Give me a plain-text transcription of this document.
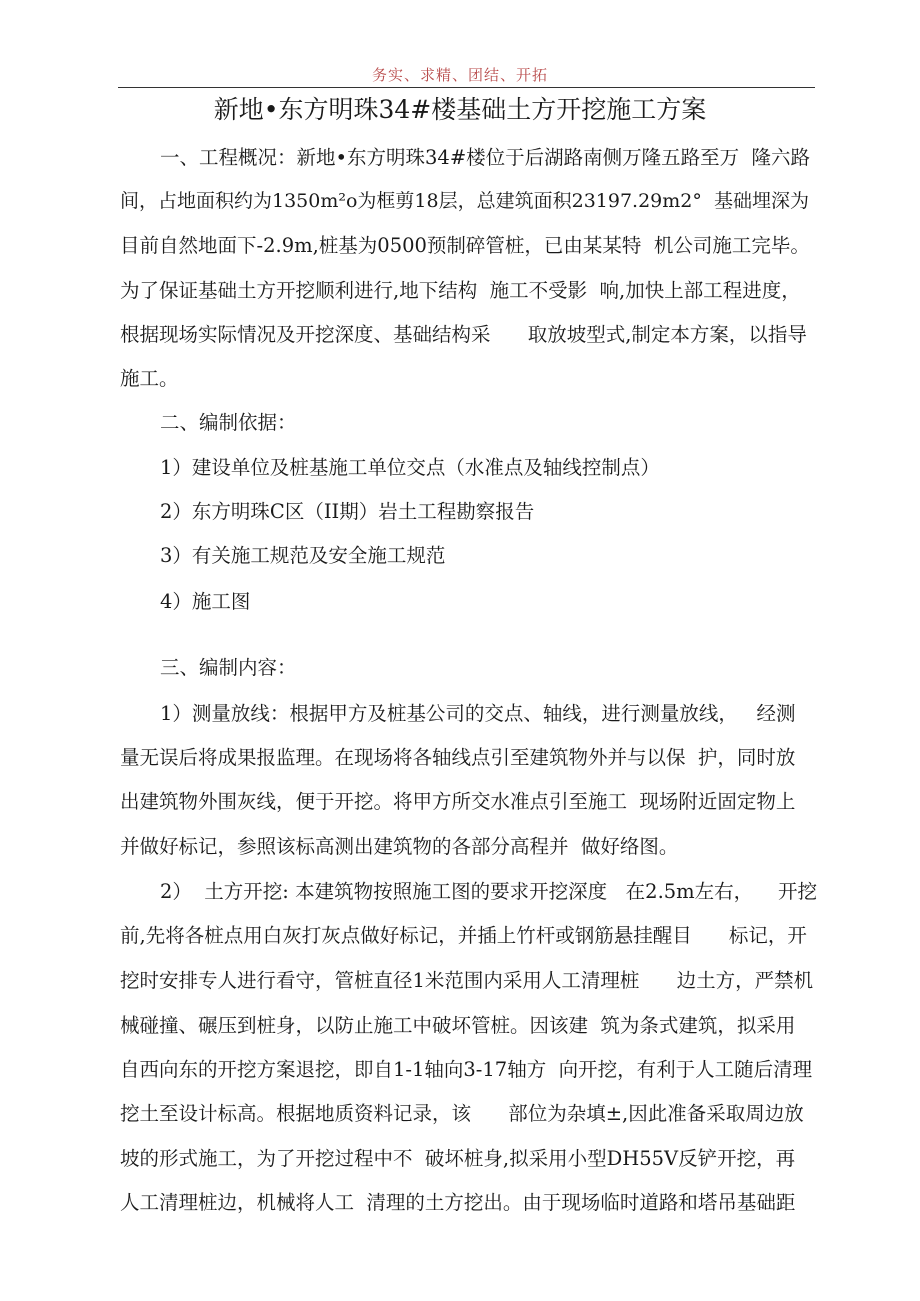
务实、求精、团结、开拓
新地•东方明珠34#楼基础土方开挖施工方案
一、工程概况：新地•东方明珠34#楼位于后湖路南侧万隆五路至万  隆六路
间，占地面积约为1350m²o为框剪18层，总建筑面积23197.29m2°  基础埋深为
目前自然地面下-2.9m,桩基为0500预制碎管桩，已由某某特  机公司施工完毕。
为了保证基础土方开挖顺利进行,地下结构  施工不受影  响,加快上部工程进度，
根据现场实际情况及开挖深度、基础结构采      取放坡型式,制定本方案，以指导
施工。
二、编制依据：
1）建设单位及桩基施工单位交点（水准点及轴线控制点）
2）东方明珠C区（II期）岩土工程勘察报告
3）有关施工规范及安全施工规范
4）施工图
三、编制内容：
1）测量放线：根据甲方及桩基公司的交点、轴线，进行测量放线，   经测
量无误后将成果报监理。在现场将各轴线点引至建筑物外并与以保  护，同时放
出建筑物外围灰线，便于开挖。将甲方所交水准点引至施工  现场附近固定物上
并做好标记，参照该标高测出建筑物的各部分高程并  做好络图。
2）  土方开挖: 本建筑物按照施工图的要求开挖深度   在2.5m左右，    开挖
前,先将各桩点用白灰打灰点做好标记，并插上竹杆或钢筋悬挂醒目      标记，开
挖时安排专人进行看守，管桩直径1米范围内采用人工清理桩      边土方，严禁机
械碰撞、碾压到桩身，以防止施工中破坏管桩。因该建  筑为条式建筑，拟采用
自西向东的开挖方案退挖，即自1-1轴向3-17轴方  向开挖，有利于人工随后清理
挖土至设计标高。根据地质资料记录，该      部位为杂填±,因此准备采取周边放
坡的形式施工，为了开挖过程中不  破坏桩身,拟采用小型DH55V反铲开挖，再
人工清理桩边，机械将人工  清理的土方挖出。由于现场临时道路和塔吊基础距
